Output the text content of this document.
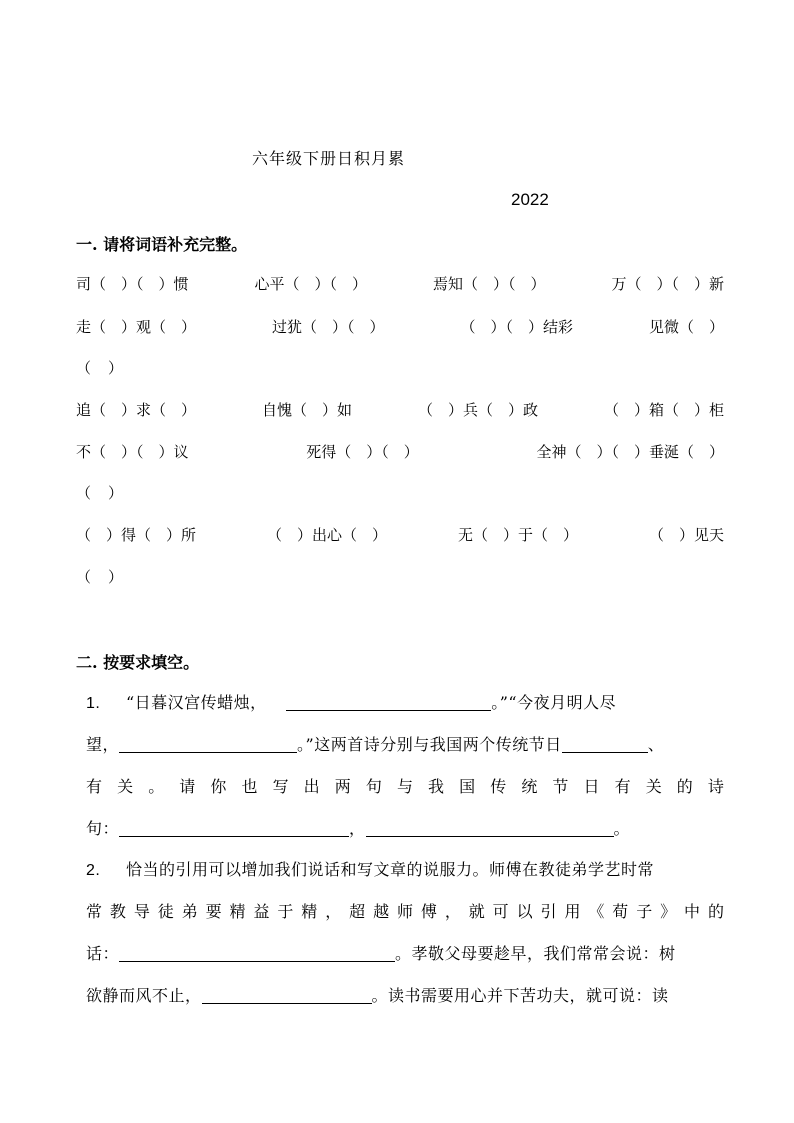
六年级下册日积月累
2022
一. 请将词语补充完整。
司（　）（　）惯	心平（　）（　）	焉知（　）（　）	万（　）（　）新
走（　）观（　）	过犹（　）（　）	（　）（　）结彩	见微（　）
（　）
追（　）求（　）	自愧（　）如	（　）兵（　）政	（　）箱（　）柜
不（　）（　）议	死得（　）（　）	全神（　）（　）垂涎（　）
（　）
（　）得（　）所	（　）出心（　）	无（　）于（　）	（　）见天
（　）
二. 按要求填空。
1. “日暮汉宫传蜡烛，	。”“今夜月明人尽
望，	。”这两首诗分别与我国两个传统节日	、
有 关 。 请 你 也 写 出 两 句 与 我 国 传 统 节 日 有 关 的 诗
句：	，	。
2. 恰当的引用可以增加我们说话和写文章的说服力。师傅在教徒弟学艺时常
常 教 导 徒 弟 要 精 益 于 精 ， 超 越 师 傅 ， 就 可 以 引 用 《 荀 子 》 中 的
话：	。孝敬父母要趁早，我们常常会说：树
欲静而风不止，	。读书需要用心并下苦功夫，就可说：读
